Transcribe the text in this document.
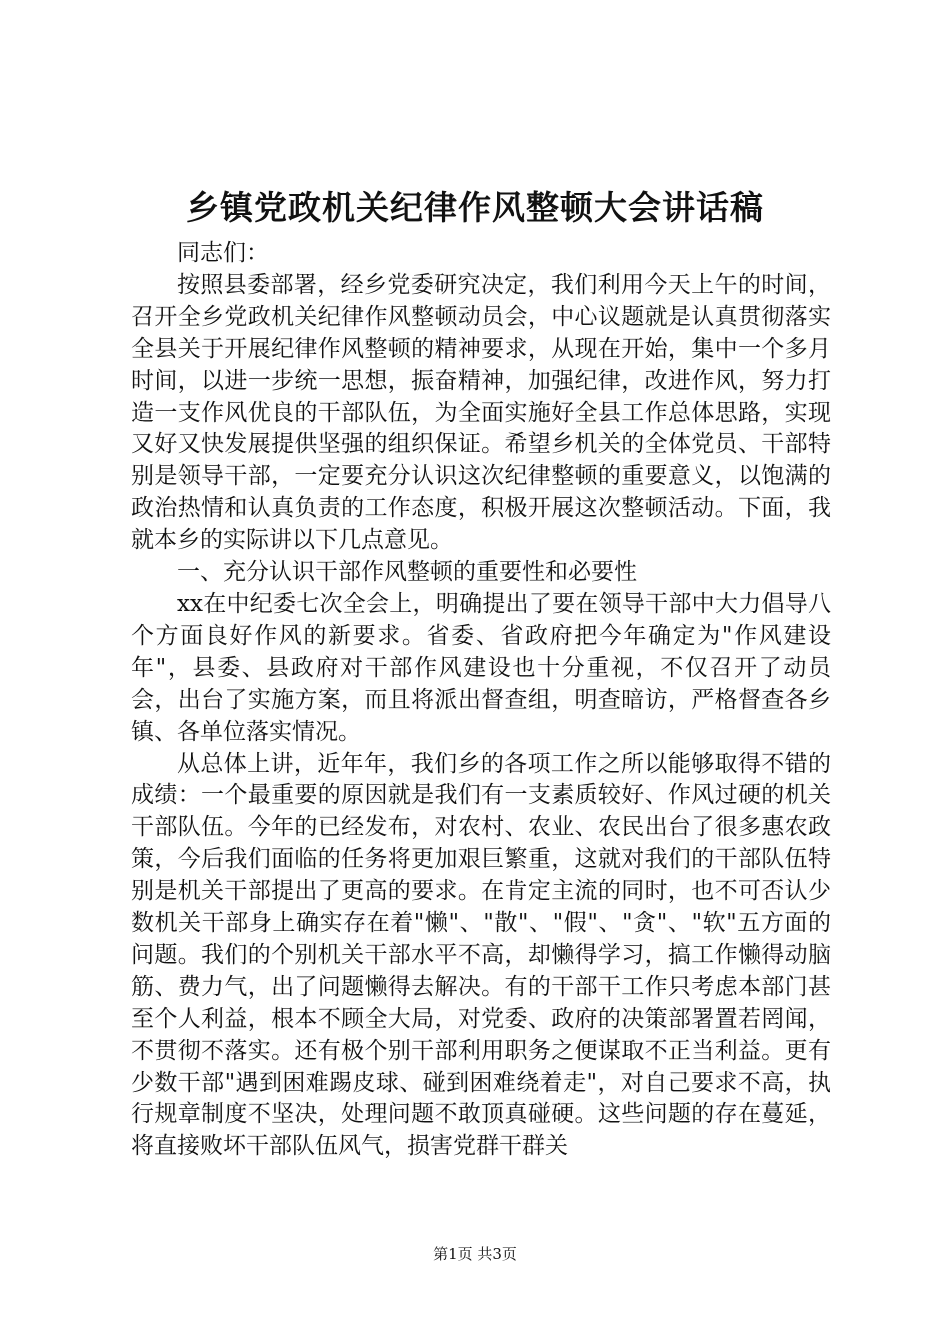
乡镇党政机关纪律作风整顿大会讲话稿

同志们：

按照县委部署，经乡党委研究决定，我们利用今天上午的时间，召开全乡党政机关纪律作风整顿动员会，中心议题就是认真贯彻落实全县关于开展纪律作风整顿的精神要求，从现在开始，集中一个多月时间，以进一步统一思想，振奋精神，加强纪律，改进作风，努力打造一支作风优良的干部队伍，为全面实施好全县工作总体思路，实现又好又快发展提供坚强的组织保证。希望乡机关的全体党员、干部特别是领导干部，一定要充分认识这次纪律整顿的重要意义，以饱满的政治热情和认真负责的工作态度，积极开展这次整顿活动。下面，我就本乡的实际讲以下几点意见。

一、充分认识干部作风整顿的重要性和必要性

xx在中纪委七次全会上，明确提出了要在领导干部中大力倡导八个方面良好作风的新要求。省委、省政府把今年确定为"作风建设年"，县委、县政府对干部作风建设也十分重视，不仅召开了动员会，出台了实施方案，而且将派出督查组，明查暗访，严格督查各乡镇、各单位落实情况。

从总体上讲，近年年，我们乡的各项工作之所以能够取得不错的成绩：一个最重要的原因就是我们有一支素质较好、作风过硬的机关干部队伍。今年的已经发布，对农村、农业、农民出台了很多惠农政策，今后我们面临的任务将更加艰巨繁重，这就对我们的干部队伍特别是机关干部提出了更高的要求。在肯定主流的同时，也不可否认少数机关干部身上确实存在着"懒"、"散"、"假"、"贪"、"软"五方面的问题。我们的个别机关干部水平不高，却懒得学习，搞工作懒得动脑筋、费力气，出了问题懒得去解决。有的干部干工作只考虑本部门甚至个人利益，根本不顾全大局，对党委、政府的决策部署置若罔闻，不贯彻不落实。还有极个别干部利用职务之便谋取不正当利益。更有少数干部"遇到困难踢皮球、碰到困难绕着走"，对自己要求不高，执行规章制度不坚决，处理问题不敢顶真碰硬。这些问题的存在蔓延，将直接败坏干部队伍风气，损害党群干群关

第1页 共3页
